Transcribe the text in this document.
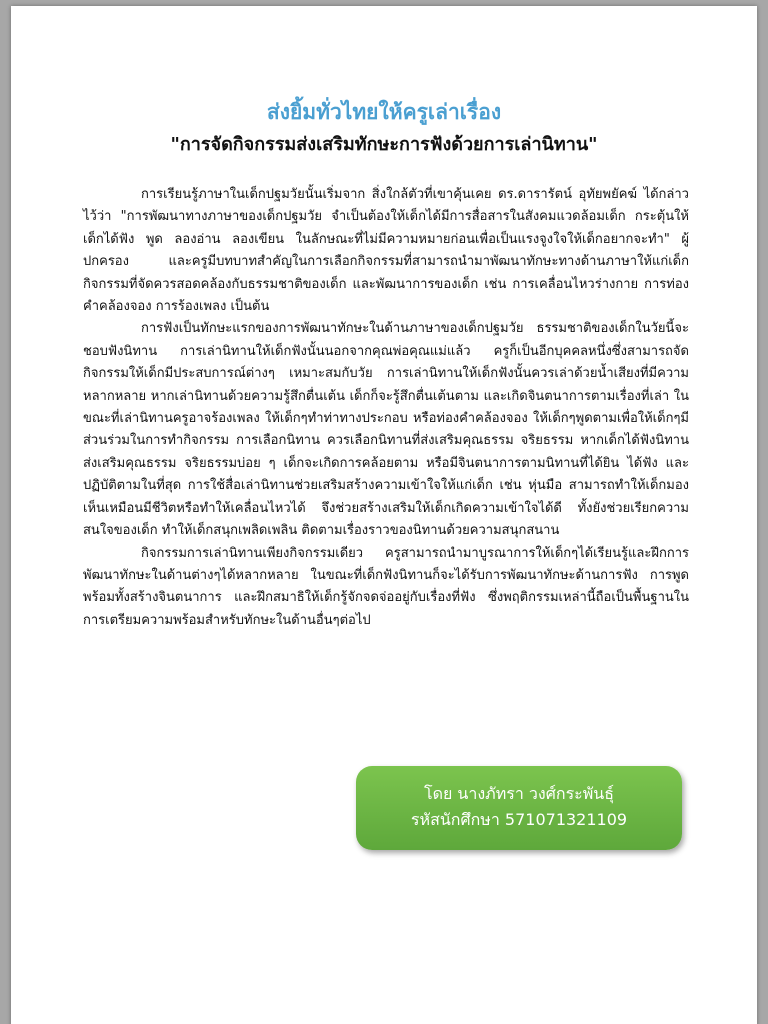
ส่งยิ้มทั่วไทยให้ครูเล่าเรื่อง
"การจัดกิจกรรมส่งเสริมทักษะการฟังด้วยการเล่านิทาน"

การเรียนรู้ภาษาในเด็กปฐมวัยนั้นเริ่มจาก สิ่งใกล้ตัวที่เขาคุ้นเคย ดร.ดารารัตน์ อุทัยพยัคฆ์ ได้กล่าวไว้ว่า "การพัฒนาทางภาษาของเด็กปฐมวัย จำเป็นต้องให้เด็กได้มีการสื่อสารในสังคมแวดล้อมเด็ก กระตุ้นให้เด็กได้ฟัง พูด ลองอ่าน ลองเขียน ในลักษณะที่ไม่มีความหมายก่อนเพื่อเป็นแรงจูงใจให้เด็กอยากจะทำ" ผู้ปกครอง และครูมีบทบาทสำคัญในการเลือกกิจกรรมที่สามารถนำมาพัฒนาทักษะทางด้านภาษาให้แก่เด็ก กิจกรรมที่จัดควรสอดคล้องกับธรรมชาติของเด็ก และพัฒนาการของเด็ก เช่น การเคลื่อนไหวร่างกาย การท่องคำคล้องจอง การร้องเพลง เป็นต้น

การฟังเป็นทักษะแรกของการพัฒนาทักษะในด้านภาษาของเด็กปฐมวัย ธรรมชาติของเด็กในวัยนี้จะชอบฟังนิทาน การเล่านิทานให้เด็กฟังนั้นนอกจากคุณพ่อคุณแม่แล้ว ครูก็เป็นอีกบุคคลหนึ่งซึ่งสามารถจัดกิจกรรมให้เด็กมีประสบการณ์ต่างๆ เหมาะสมกับวัย การเล่านิทานให้เด็กฟังนั้นควรเล่าด้วยน้ำเสียงที่มีความหลากหลาย หากเล่านิทานด้วยความรู้สึกตื่นเต้น เด็กก็จะรู้สึกตื่นเต้นตาม และเกิดจินตนาการตามเรื่องที่เล่า ในขณะที่เล่านิทานครูอาจร้องเพลง ให้เด็กๆทำท่าทางประกอบ หรือท่องคำคล้องจอง ให้เด็กๆพูดตามเพื่อให้เด็กๆมีส่วนร่วมในการทำกิจกรรม การเลือกนิทาน ควรเลือกนิทานที่ส่งเสริมคุณธรรม จริยธรรม หากเด็กได้ฟังนิทานส่งเสริมคุณธรรม จริยธรรมบ่อย ๆ เด็กจะเกิดการคล้อยตาม หรือมีจินตนาการตามนิทานที่ได้ยิน ได้ฟัง และปฏิบัติตามในที่สุด การใช้สื่อเล่านิทานช่วยเสริมสร้างความเข้าใจให้แก่เด็ก เช่น หุ่นมือ สามารถทำให้เด็กมองเห็นเหมือนมีชีวิตหรือทำให้เคลื่อนไหวได้ จึงช่วยสร้างเสริมให้เด็กเกิดความเข้าใจได้ดี ทั้งยังช่วยเรียกความสนใจของเด็ก ทำให้เด็กสนุกเพลิดเพลิน ติดตามเรื่องราวของนิทานด้วยความสนุกสนาน

กิจกรรมการเล่านิทานเพียงกิจกรรมเดียว ครูสามารถนำมาบูรณาการให้เด็กๆได้เรียนรู้และฝึกการพัฒนาทักษะในด้านต่างๆได้หลากหลาย ในขณะที่เด็กฟังนิทานก็จะได้รับการพัฒนาทักษะด้านการฟัง การพูด พร้อมทั้งสร้างจินตนาการ และฝึกสมาธิให้เด็กรู้จักจดจ่ออยู่กับเรื่องที่ฟัง ซึ่งพฤติกรรมเหล่านี้ถือเป็นพื้นฐานในการเตรียมความพร้อมสำหรับทักษะในด้านอื่นๆต่อไป

โดย นางภัทรา วงศ์กระพันธุ์
รหัสนักศึกษา 571071321109
